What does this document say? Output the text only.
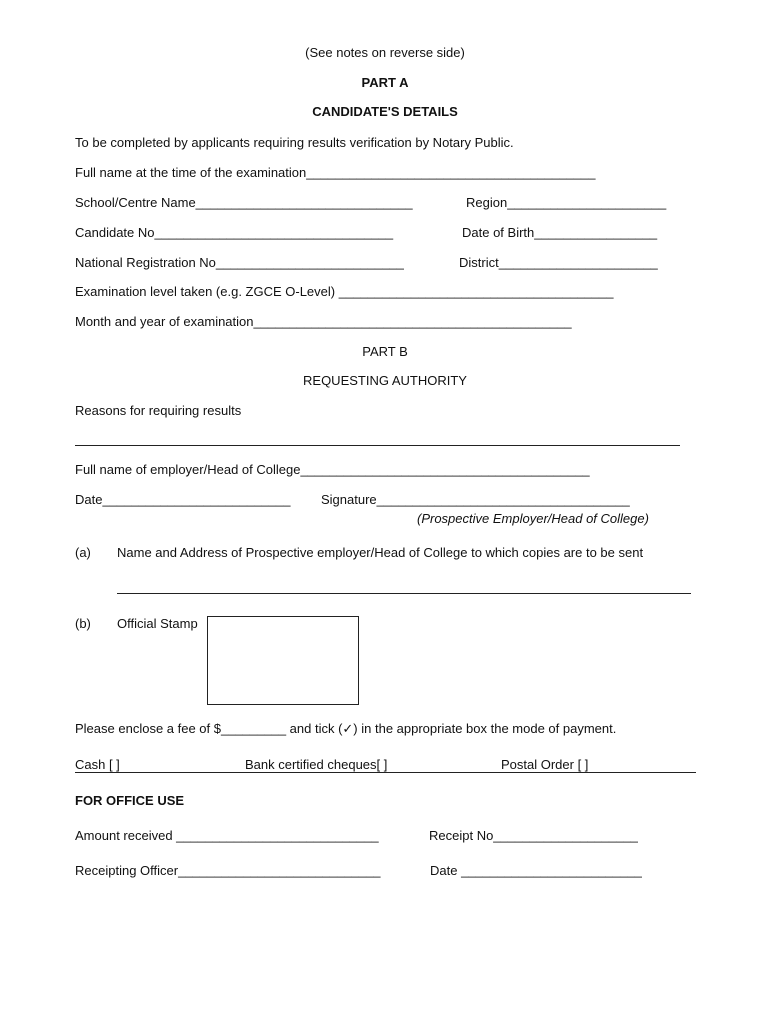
(See notes on reverse side)
PART A
CANDIDATE'S DETAILS
To be completed by applicants requiring results verification by Notary Public.
Full name at the time of the examination________________________________________
School/Centre Name______________________________	Region______________________
Candidate No_________________________________	Date of Birth_________________
National Registration No__________________________	District______________________
Examination level taken (e.g. ZGCE O-Level) ______________________________________
Month and year of examination____________________________________________
PART B
REQUESTING AUTHORITY
Reasons for requiring results
Full name of employer/Head of College________________________________________
Date__________________________ Signature___________________________________
(Prospective Employer/Head of College)
(a) Name and Address of Prospective employer/Head of College to which copies are to be sent
(b) Official Stamp
Please enclose a fee of $_________ and tick (✓) in the appropriate box the mode of payment.
Cash [ ]	Bank certified cheques[ ]	Postal Order [ ]
FOR OFFICE USE
Amount received ____________________________	Receipt No____________________
Receipting Officer____________________________	Date _________________________
